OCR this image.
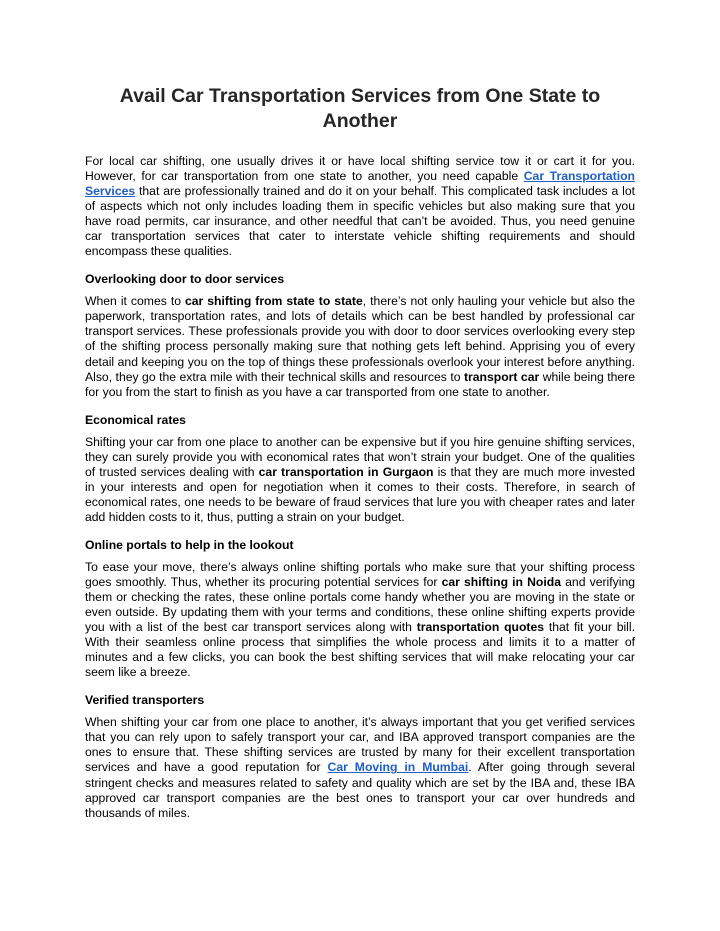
Avail Car Transportation Services from One State to Another

For local car shifting, one usually drives it or have local shifting service tow it or cart it for you. However, for car transportation from one state to another, you need capable Car Transportation Services that are professionally trained and do it on your behalf. This complicated task includes a lot of aspects which not only includes loading them in specific vehicles but also making sure that you have road permits, car insurance, and other needful that can’t be avoided. Thus, you need genuine car transportation services that cater to interstate vehicle shifting requirements and should encompass these qualities.

Overlooking door to door services

When it comes to car shifting from state to state, there’s not only hauling your vehicle but also the paperwork, transportation rates, and lots of details which can be best handled by professional car transport services. These professionals provide you with door to door services overlooking every step of the shifting process personally making sure that nothing gets left behind. Apprising you of every detail and keeping you on the top of things these professionals overlook your interest before anything. Also, they go the extra mile with their technical skills and resources to transport car while being there for you from the start to finish as you have a car transported from one state to another.

Economical rates

Shifting your car from one place to another can be expensive but if you hire genuine shifting services, they can surely provide you with economical rates that won’t strain your budget. One of the qualities of trusted services dealing with car transportation in Gurgaon is that they are much more invested in your interests and open for negotiation when it comes to their costs. Therefore, in search of economical rates, one needs to be beware of fraud services that lure you with cheaper rates and later add hidden costs to it, thus, putting a strain on your budget.

Online portals to help in the lookout

To ease your move, there’s always online shifting portals who make sure that your shifting process goes smoothly. Thus, whether its procuring potential services for car shifting in Noida and verifying them or checking the rates, these online portals come handy whether you are moving in the state or even outside. By updating them with your terms and conditions, these online shifting experts provide you with a list of the best car transport services along with transportation quotes that fit your bill. With their seamless online process that simplifies the whole process and limits it to a matter of minutes and a few clicks, you can book the best shifting services that will make relocating your car seem like a breeze.

Verified transporters

When shifting your car from one place to another, it’s always important that you get verified services that you can rely upon to safely transport your car, and IBA approved transport companies are the ones to ensure that. These shifting services are trusted by many for their excellent transportation services and have a good reputation for Car Moving in Mumbai. After going through several stringent checks and measures related to safety and quality which are set by the IBA and, these IBA approved car transport companies are the best ones to transport your car over hundreds and thousands of miles.
